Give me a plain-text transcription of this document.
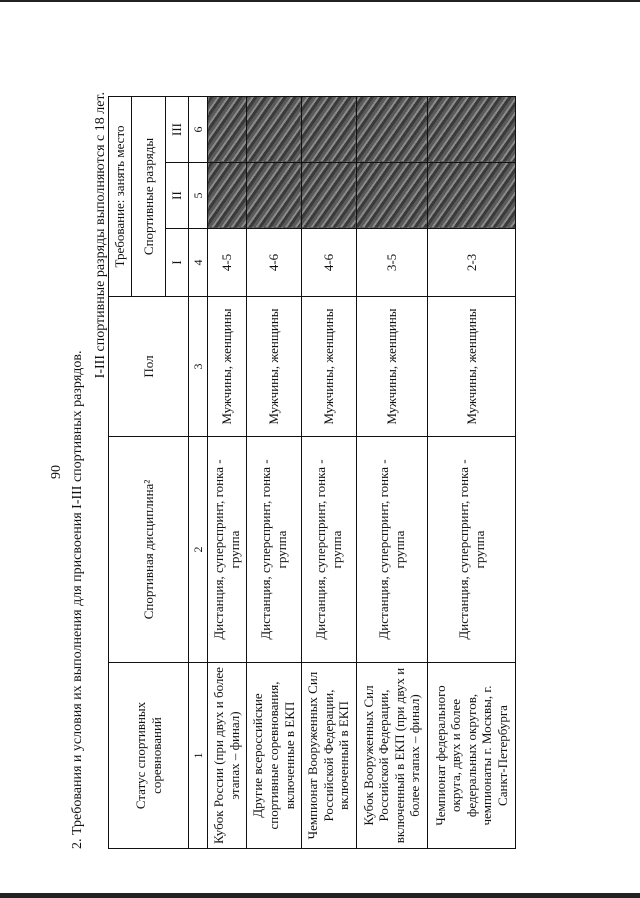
90 2. Требования и условия их выполнения для присвоения I-III спортивных разрядов.
I-III спортивные разряды выполняются с 18 лет.
Статус спортивных соревнований	Спортивная дисциплина²	Пол	Требование: занять место		
			Спортивные разряды		
			I	II	III
1	2	3	4	5	6
Кубок России (при двух и более этапах – финал)	Дистанция, суперспринт, гонка - группа	Мужчины, женщины	4-5		
Другие всероссийские спортивные соревнования, включенные в ЕКП	Дистанция, суперспринт, гонка - группа	Мужчины, женщины	4-6		
Чемпионат Вооруженных Сил Российской Федерации, включенный в ЕКП	Дистанция, суперспринт, гонка - группа	Мужчины, женщины	4-6		
Кубок Вооруженных Сил Российской Федерации, включенный в ЕКП (при двух и более этапах – финал)	Дистанция, суперспринт, гонка - группа	Мужчины, женщины	3-5		
Чемпионат федерального округа, двух и более федеральных округов, чемпионаты г. Москвы, г. Санкт-Петербурга	Дистанция, суперспринт, гонка - группа	Мужчины, женщины	2-3		
